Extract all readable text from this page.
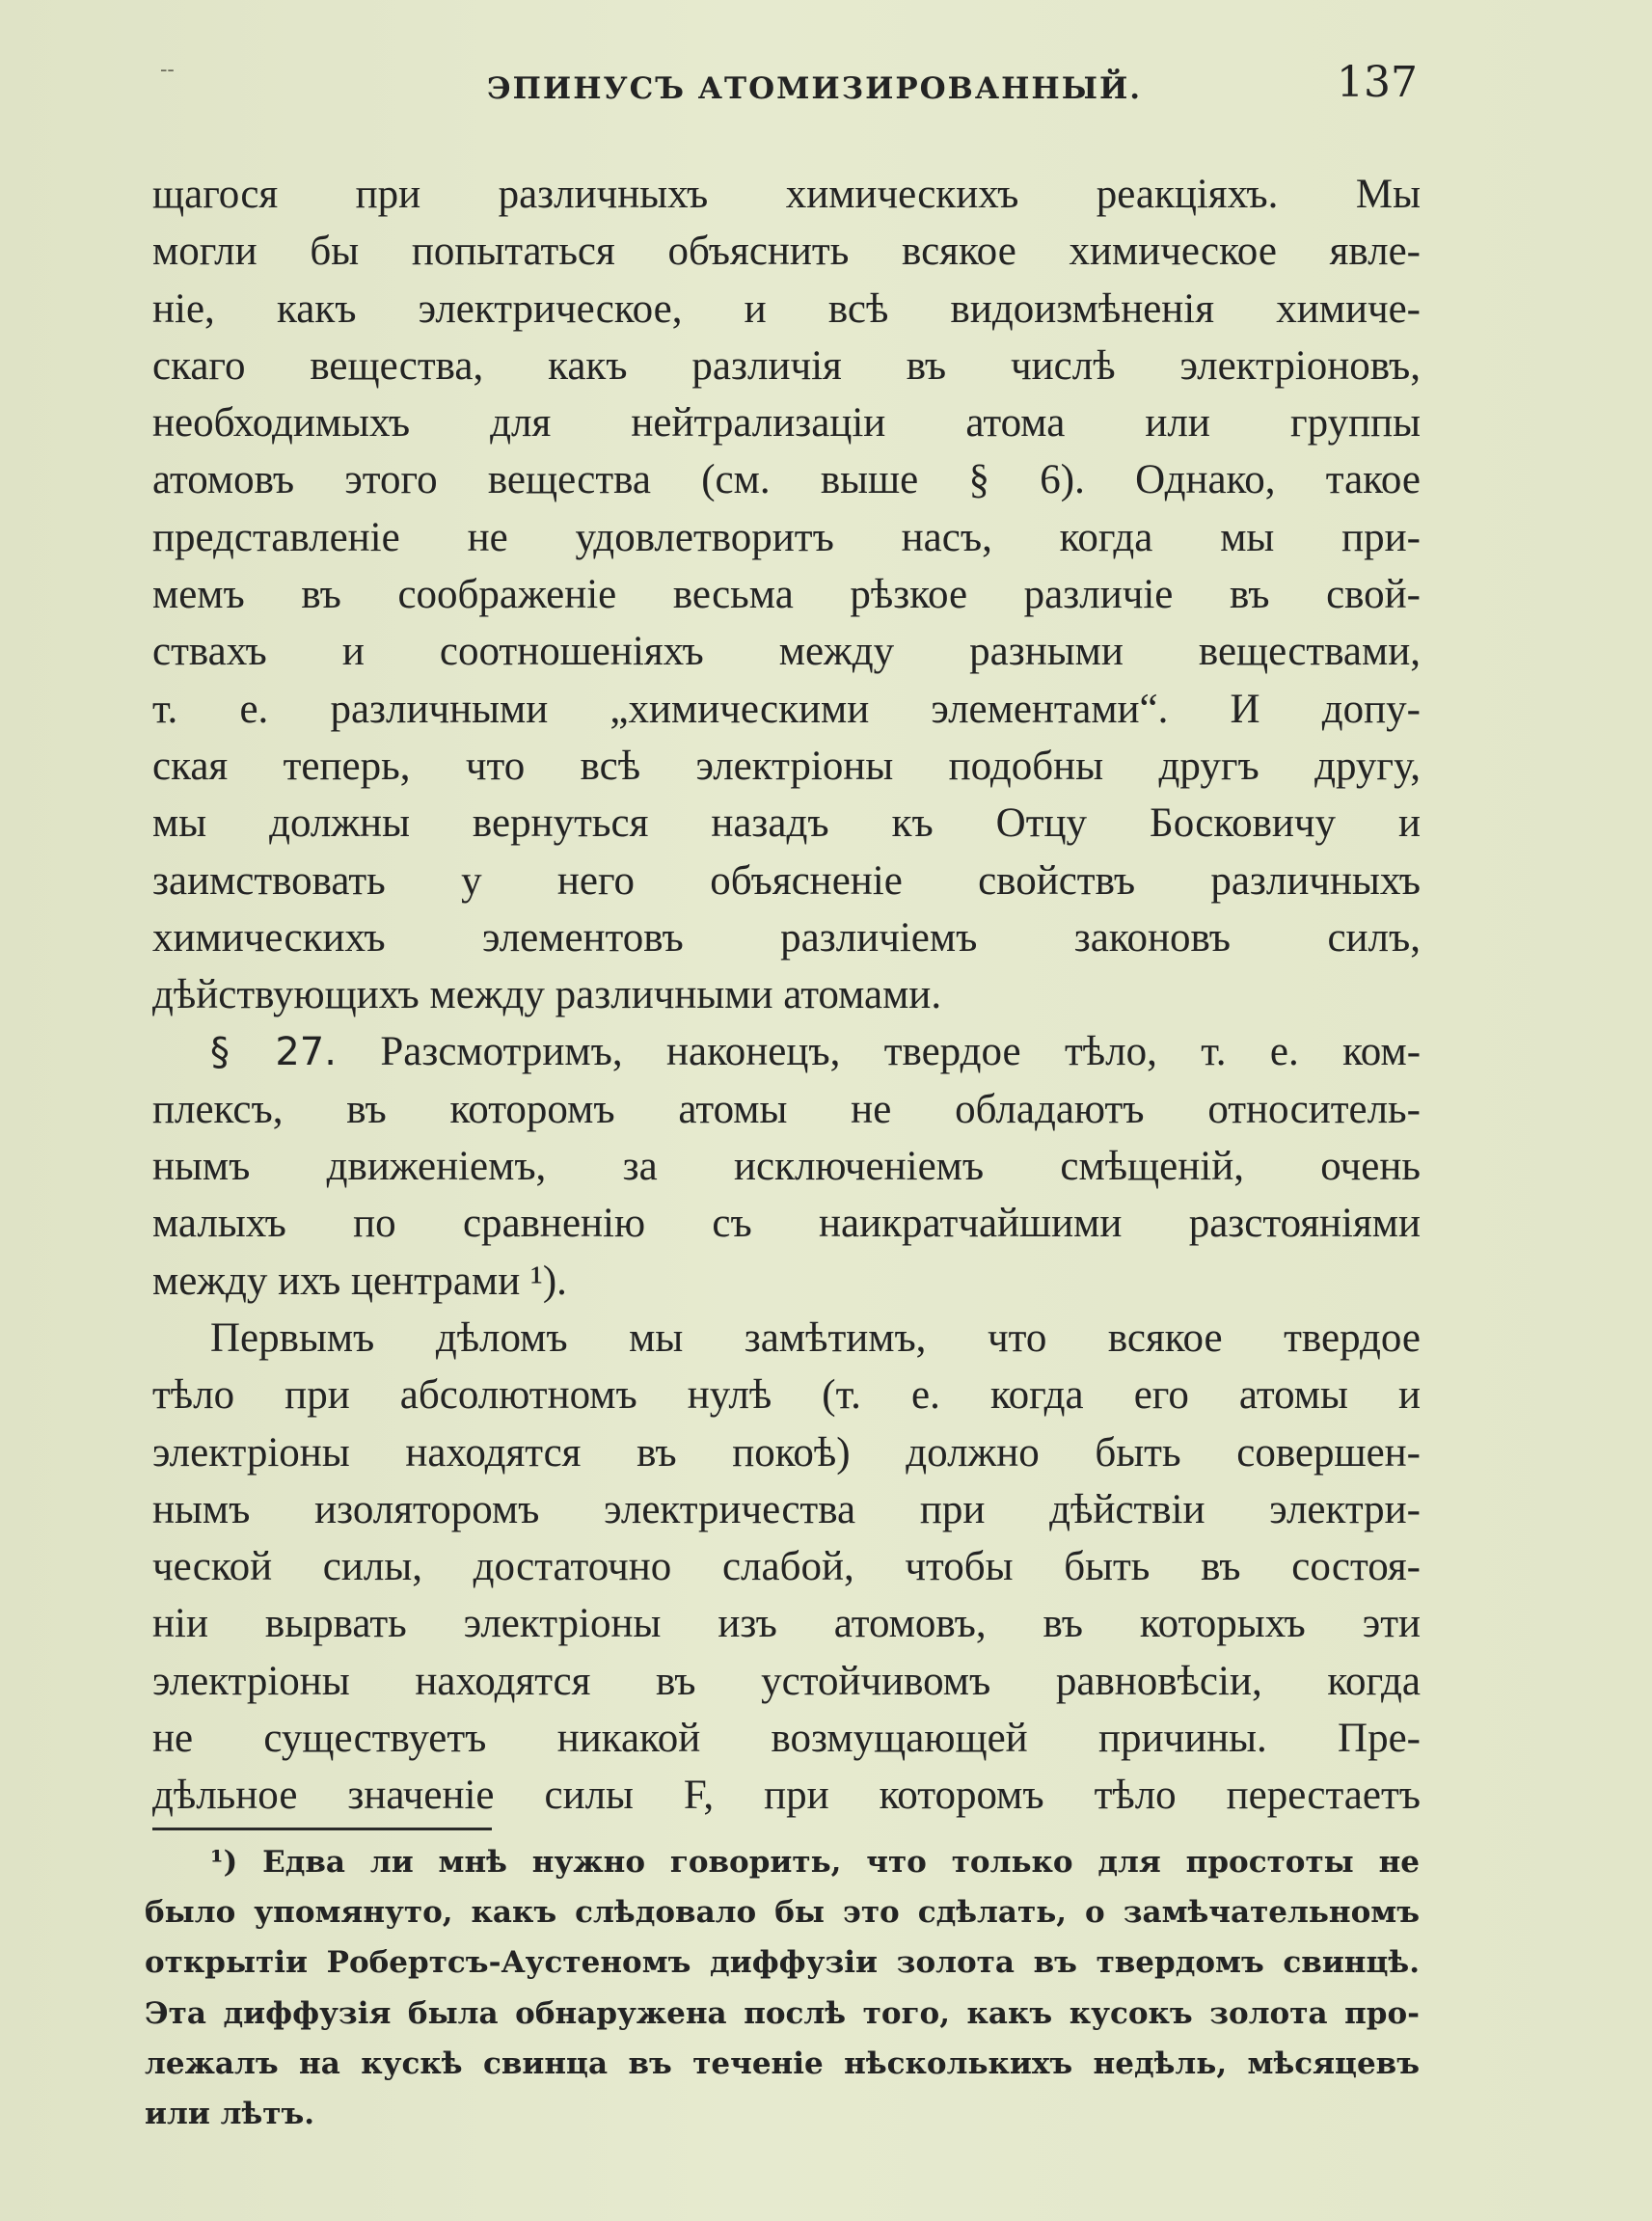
--
ЭПИНУСЪ АТОМИЗИРОВАННЫЙ.	137
щагося при различныхъ химическихъ реакціяхъ. Мы
могли бы попытаться объяснить всякое химическое явле-
ніе, какъ электрическое, и всѣ видоизмѣненія химиче-
скаго вещества, какъ различія въ числѣ электріоновъ,
необходимыхъ для нейтрализаціи атома или группы
атомовъ этого вещества (см. выше § 6). Однако, такое
представленіе не удовлетворитъ насъ, когда мы при-
мемъ въ соображеніе весьма рѣзкое различіе въ свой-
ствахъ и соотношеніяхъ между разными веществами,
т. е. различными „химическими элементами“. И допу-
ская теперь, что всѣ электріоны подобны другъ другу,
мы должны вернуться назадъ къ Отцу Босковичу и
заимствовать у него объясненіе свойствъ различныхъ
химическихъ элементовъ различіемъ законовъ силъ,
дѣйствующихъ между различными атомами.
§ 27. Разсмотримъ, наконецъ, твердое тѣло, т. е. ком-
плексъ, въ которомъ атомы не обладаютъ относитель-
нымъ движеніемъ, за исключеніемъ смѣщеній, очень
малыхъ по сравненію съ наикратчайшими разстояніями
между ихъ центрами ¹).
Первымъ дѣломъ мы замѣтимъ, что всякое твердое
тѣло при абсолютномъ нулѣ (т. е. когда его атомы и
электріоны находятся въ покоѣ) должно быть совершен-
нымъ изоляторомъ электричества при дѣйствіи электри-
ческой силы, достаточно слабой, чтобы быть въ состоя-
ніи вырвать электріоны изъ атомовъ, въ которыхъ эти
электріоны находятся въ устойчивомъ равновѣсіи, когда
не существуетъ никакой возмущающей причины. Пре-
дѣльное значеніе силы F, при которомъ тѣло перестаетъ
¹) Едва ли мнѣ нужно говорить, что только для простоты не
было упомянуто, какъ слѣдовало бы это сдѣлать, о замѣчательномъ
открытіи Робертсъ-Аустеномъ диффузіи золота въ твердомъ свинцѣ.
Эта диффузія была обнаружена послѣ того, какъ кусокъ золота про-
лежалъ на кускѣ свинца въ теченіе нѣсколькихъ недѣль, мѣсяцевъ
или лѣтъ.
